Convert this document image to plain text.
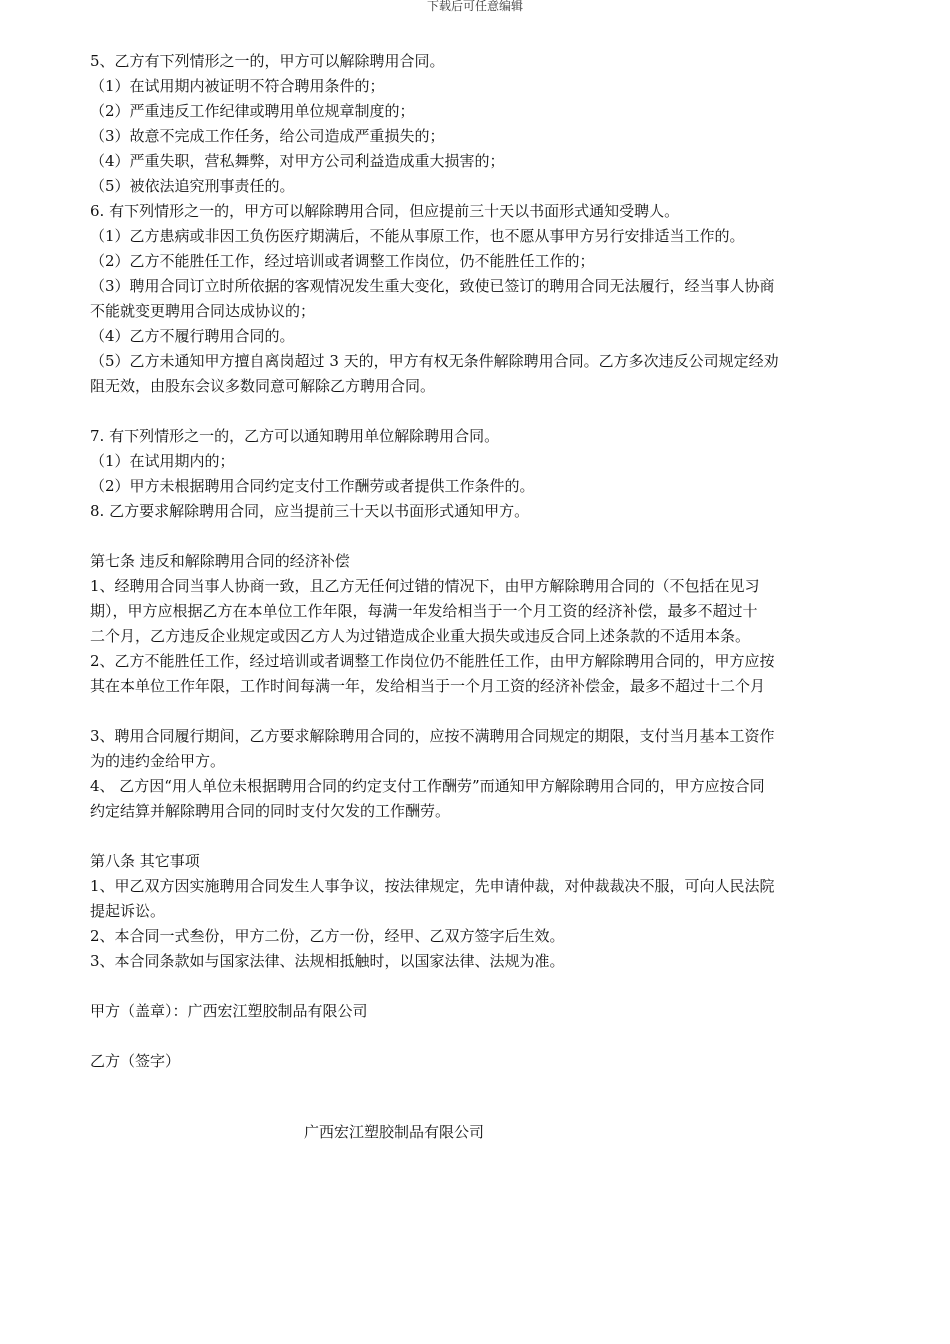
下载后可任意编辑

5、乙方有下列情形之一的，甲方可以解除聘用合同。

（1）在试用期内被证明不符合聘用条件的；

（2）严重违反工作纪律或聘用单位规章制度的；

（3）故意不完成工作任务，给公司造成严重损失的；

（4）严重失职，营私舞弊，对甲方公司利益造成重大损害的；

（5）被依法追究刑事责任的。

6. 有下列情形之一的，甲方可以解除聘用合同，但应提前三十天以书面形式通知受聘人。

（1）乙方患病或非因工负伤医疗期满后，不能从事原工作，也不愿从事甲方另行安排适当工作的。

（2）乙方不能胜任工作，经过培训或者调整工作岗位，仍不能胜任工作的；

（3）聘用合同订立时所依据的客观情况发生重大变化，致使已签订的聘用合同无法履行，经当事人协商

不能就变更聘用合同达成协议的；

（4）乙方不履行聘用合同的。

（5）乙方未通知甲方擅自离岗超过 3 天的，甲方有权无条件解除聘用合同。乙方多次违反公司规定经劝

阻无效，由股东会议多数同意可解除乙方聘用合同。

7. 有下列情形之一的，乙方可以通知聘用单位解除聘用合同。

（1）在试用期内的；

（2）甲方未根据聘用合同约定支付工作酬劳或者提供工作条件的。

8. 乙方要求解除聘用合同，应当提前三十天以书面形式通知甲方。

第七条 违反和解除聘用合同的经济补偿

1、经聘用合同当事人协商一致，且乙方无任何过错的情况下，由甲方解除聘用合同的（不包括在见习

期），甲方应根据乙方在本单位工作年限，每满一年发给相当于一个月工资的经济补偿，最多不超过十

二个月，乙方违反企业规定或因乙方人为过错造成企业重大损失或违反合同上述条款的不适用本条。

2、乙方不能胜任工作，经过培训或者调整工作岗位仍不能胜任工作，由甲方解除聘用合同的，甲方应按

其在本单位工作年限，工作时间每满一年，发给相当于一个月工资的经济补偿金，最多不超过十二个月

3、聘用合同履行期间，乙方要求解除聘用合同的，应按不满聘用合同规定的期限，支付当月基本工资作

为的违约金给甲方。

4、 乙方因“用人单位未根据聘用合同的约定支付工作酬劳”而通知甲方解除聘用合同的，甲方应按合同

约定结算并解除聘用合同的同时支付欠发的工作酬劳。

第八条 其它事项

1、甲乙双方因实施聘用合同发生人事争议，按法律规定，先申请仲裁，对仲裁裁决不服，可向人民法院

提起诉讼。

2、本合同一式叁份，甲方二份，乙方一份，经甲、乙双方签字后生效。

3、本合同条款如与国家法律、法规相抵触时，以国家法律、法规为准。

甲方（盖章）：广西宏江塑胶制品有限公司

乙方（签字）

广西宏江塑胶制品有限公司
